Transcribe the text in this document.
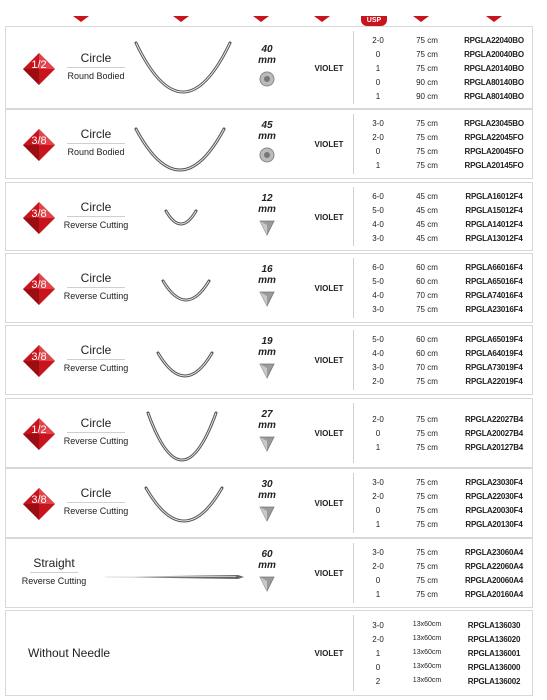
USP
1/2	Circle
Round Bodied
40
mm
VIOLET
2-0	75 cm	RPGLA22040BO
0	75 cm	RPGLA20040BO
1	75 cm	RPGLA20140BO
0	90 cm	RPGLA80140BO
1	90 cm	RPGLA80140BO
3/8	Circle
Round Bodied
45
mm
VIOLET
3-0	75 cm	RPGLA23045BO
2-0	75 cm	RPGLA22045FO
0	75 cm	RPGLA20045FO
1	75 cm	RPGLA20145FO
3/8	Circle
Reverse Cutting
12
mm
VIOLET
6-0	45 cm	RPGLA16012F4
5-0	45 cm	RPGLA15012F4
4-0	45 cm	RPGLA14012F4
3-0	45 cm	RPGLA13012F4
3/8	Circle
Reverse Cutting
16
mm
VIOLET
6-0	60 cm	RPGLA66016F4
5-0	60 cm	RPGLA65016F4
4-0	70 cm	RPGLA74016F4
3-0	75 cm	RPGLA23016F4
3/8	Circle
Reverse Cutting
19
mm
VIOLET
5-0	60 cm	RPGLA65019F4
4-0	60 cm	RPGLA64019F4
3-0	70 cm	RPGLA73019F4
2-0	75 cm	RPGLA22019F4
1/2	Circle
Reverse Cutting
27
mm
VIOLET
2-0	75 cm	RPGLA22027B4
0	75 cm	RPGLA20027B4
1	75 cm	RPGLA20127B4
3/8	Circle
Reverse Cutting
30
mm
VIOLET
3-0	75 cm	RPGLA23030F4
2-0	75 cm	RPGLA22030F4
0	75 cm	RPGLA20030F4
1	75 cm	RPGLA20130F4
Straight
Reverse Cutting
60
mm
VIOLET
3-0	75 cm	RPGLA23060A4
2-0	75 cm	RPGLA22060A4
0	75 cm	RPGLA20060A4
1	75 cm	RPGLA20160A4
Without Needle	VIOLET
3-0	13x60cm	RPGLA136030
2-0	13x60cm	RPGLA136020
1	13x60cm	RPGLA136001
0	13x60cm	RPGLA136000
2	13x60cm	RPGLA136002
